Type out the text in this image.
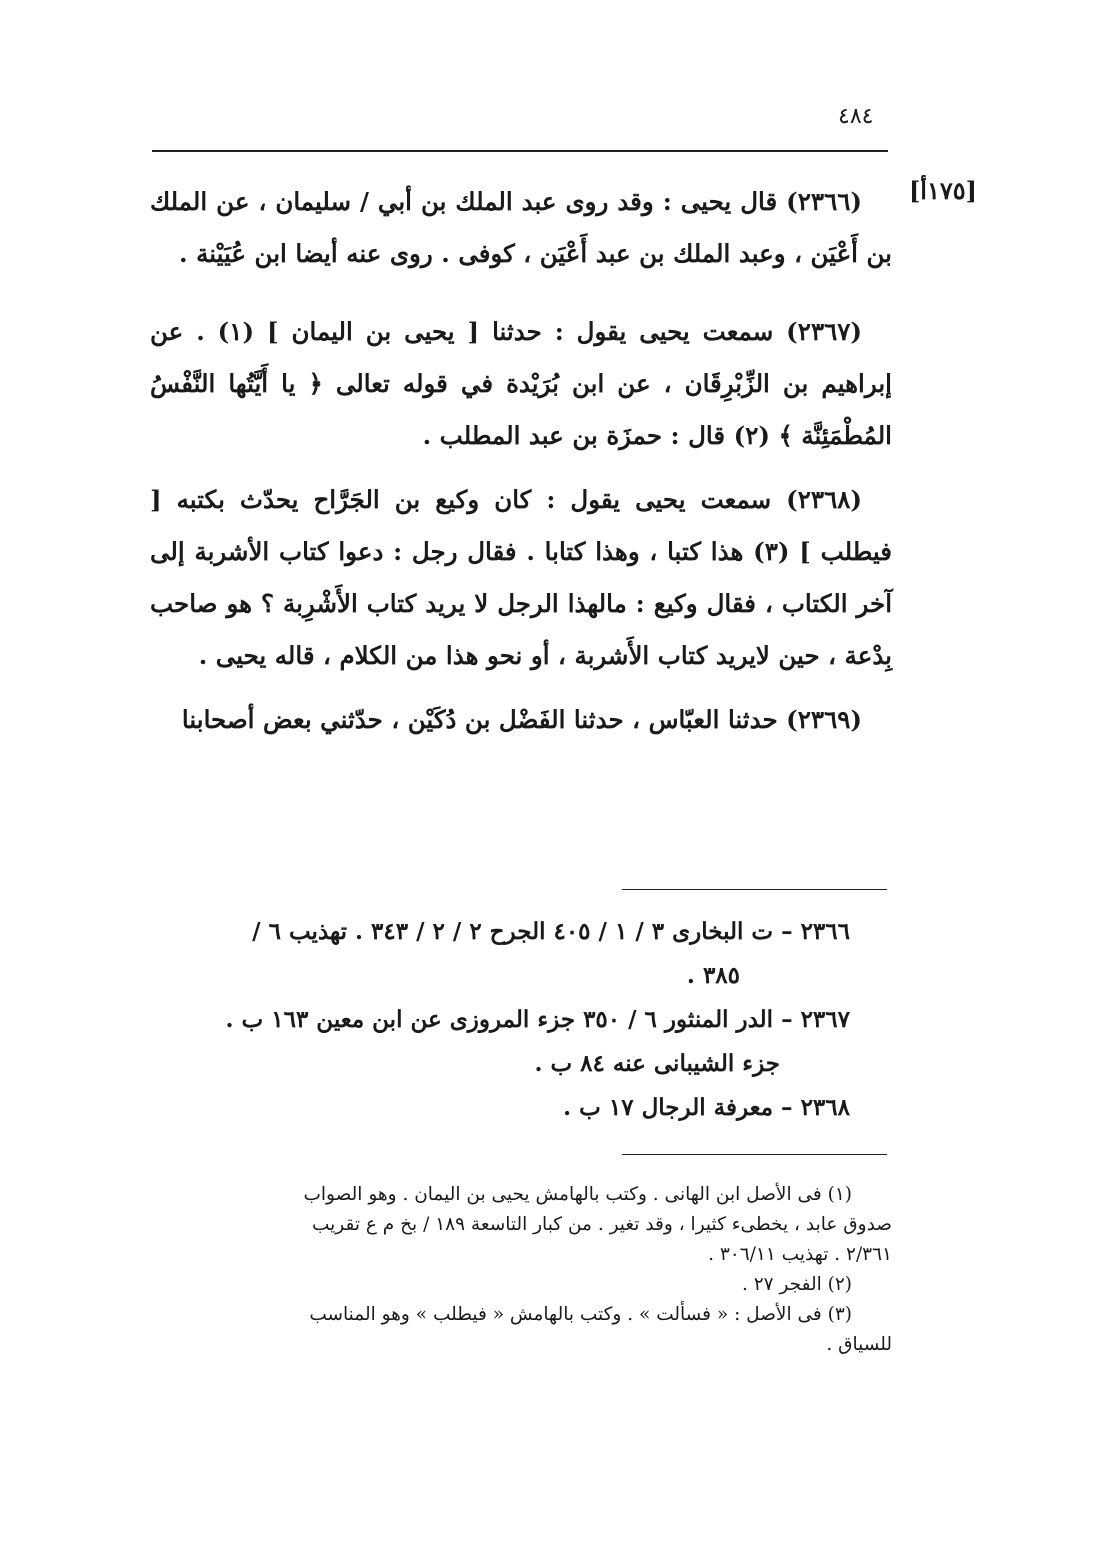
٤٨٤
[١٧٥أ]

(٢٣٦٦) قال يحيى : وقد روى عبد الملك بن أبي / سليمان ، عن الملك بن أَعْيَن ، وعبد الملك بن عبد أَعْيَن ، كوفى . روى عنه أيضا ابن عُيَيْنة .

(٢٣٦٧) سمعت يحيى يقول : حدثنا [ يحيى بن اليمان ] (١) . عن إبراهيم بن الزِّبْرِقَان ، عن ابن بُرَيْدة في قوله تعالى ﴿ يا أَيَّتُها النَّفْسُ المُطْمَئِنَّة ﴾ (٢) قال : حمزَة بن عبد المطلب .

(٢٣٦٨) سمعت يحيى يقول : كان وكيع بن الجَرَّاح يحدّث بكتبه [ فيطلب ] (٣) هذا كتبا ، وهذا كتابا . فقال رجل : دعوا كتاب الأشربة إلى آخر الكتاب ، فقال وكيع : مالهذا الرجل لا يريد كتاب الأَشْرِبة ؟ هو صاحب بِدْعة ، حين لايريد كتاب الأَشربة ، أو نحو هذا من الكلام ، قاله يحيى .

(٢٣٦٩) حدثنا العبّاس ، حدثنا الفَضْل بن دُكَيْن ، حدّثني بعض أصحابنا

٢٣٦٦ – ت البخارى ٣ / ١ / ٤٠٥ الجرح ٢ / ٢ / ٣٤٣ . تهذيب ٦ /

٣٨٥ .

٢٣٦٧ – الدر المنثور ٦ / ٣٥٠ جزء المروزى عن ابن معين ١٦٣ ب .

جزء الشيبانى عنه ٨٤ ب .

٢٣٦٨ – معرفة الرجال ١٧ ب .

(١) فى الأصل ابن الهانى . وكتب بالهامش يحيى بن اليمان . وهو الصواب

صدوق عابد ، يخطىء كثيرا ، وقد تغير . من كبار التاسعة ١٨٩ / بخ م ع تقريب

٢/٣٦١ . تهذيب ٣٠٦/١١ .

(٢) الفجر ٢٧ .

(٣) فى الأصل : « فسألت » . وكتب بالهامش « فيطلب » وهو المناسب

للسياق .
